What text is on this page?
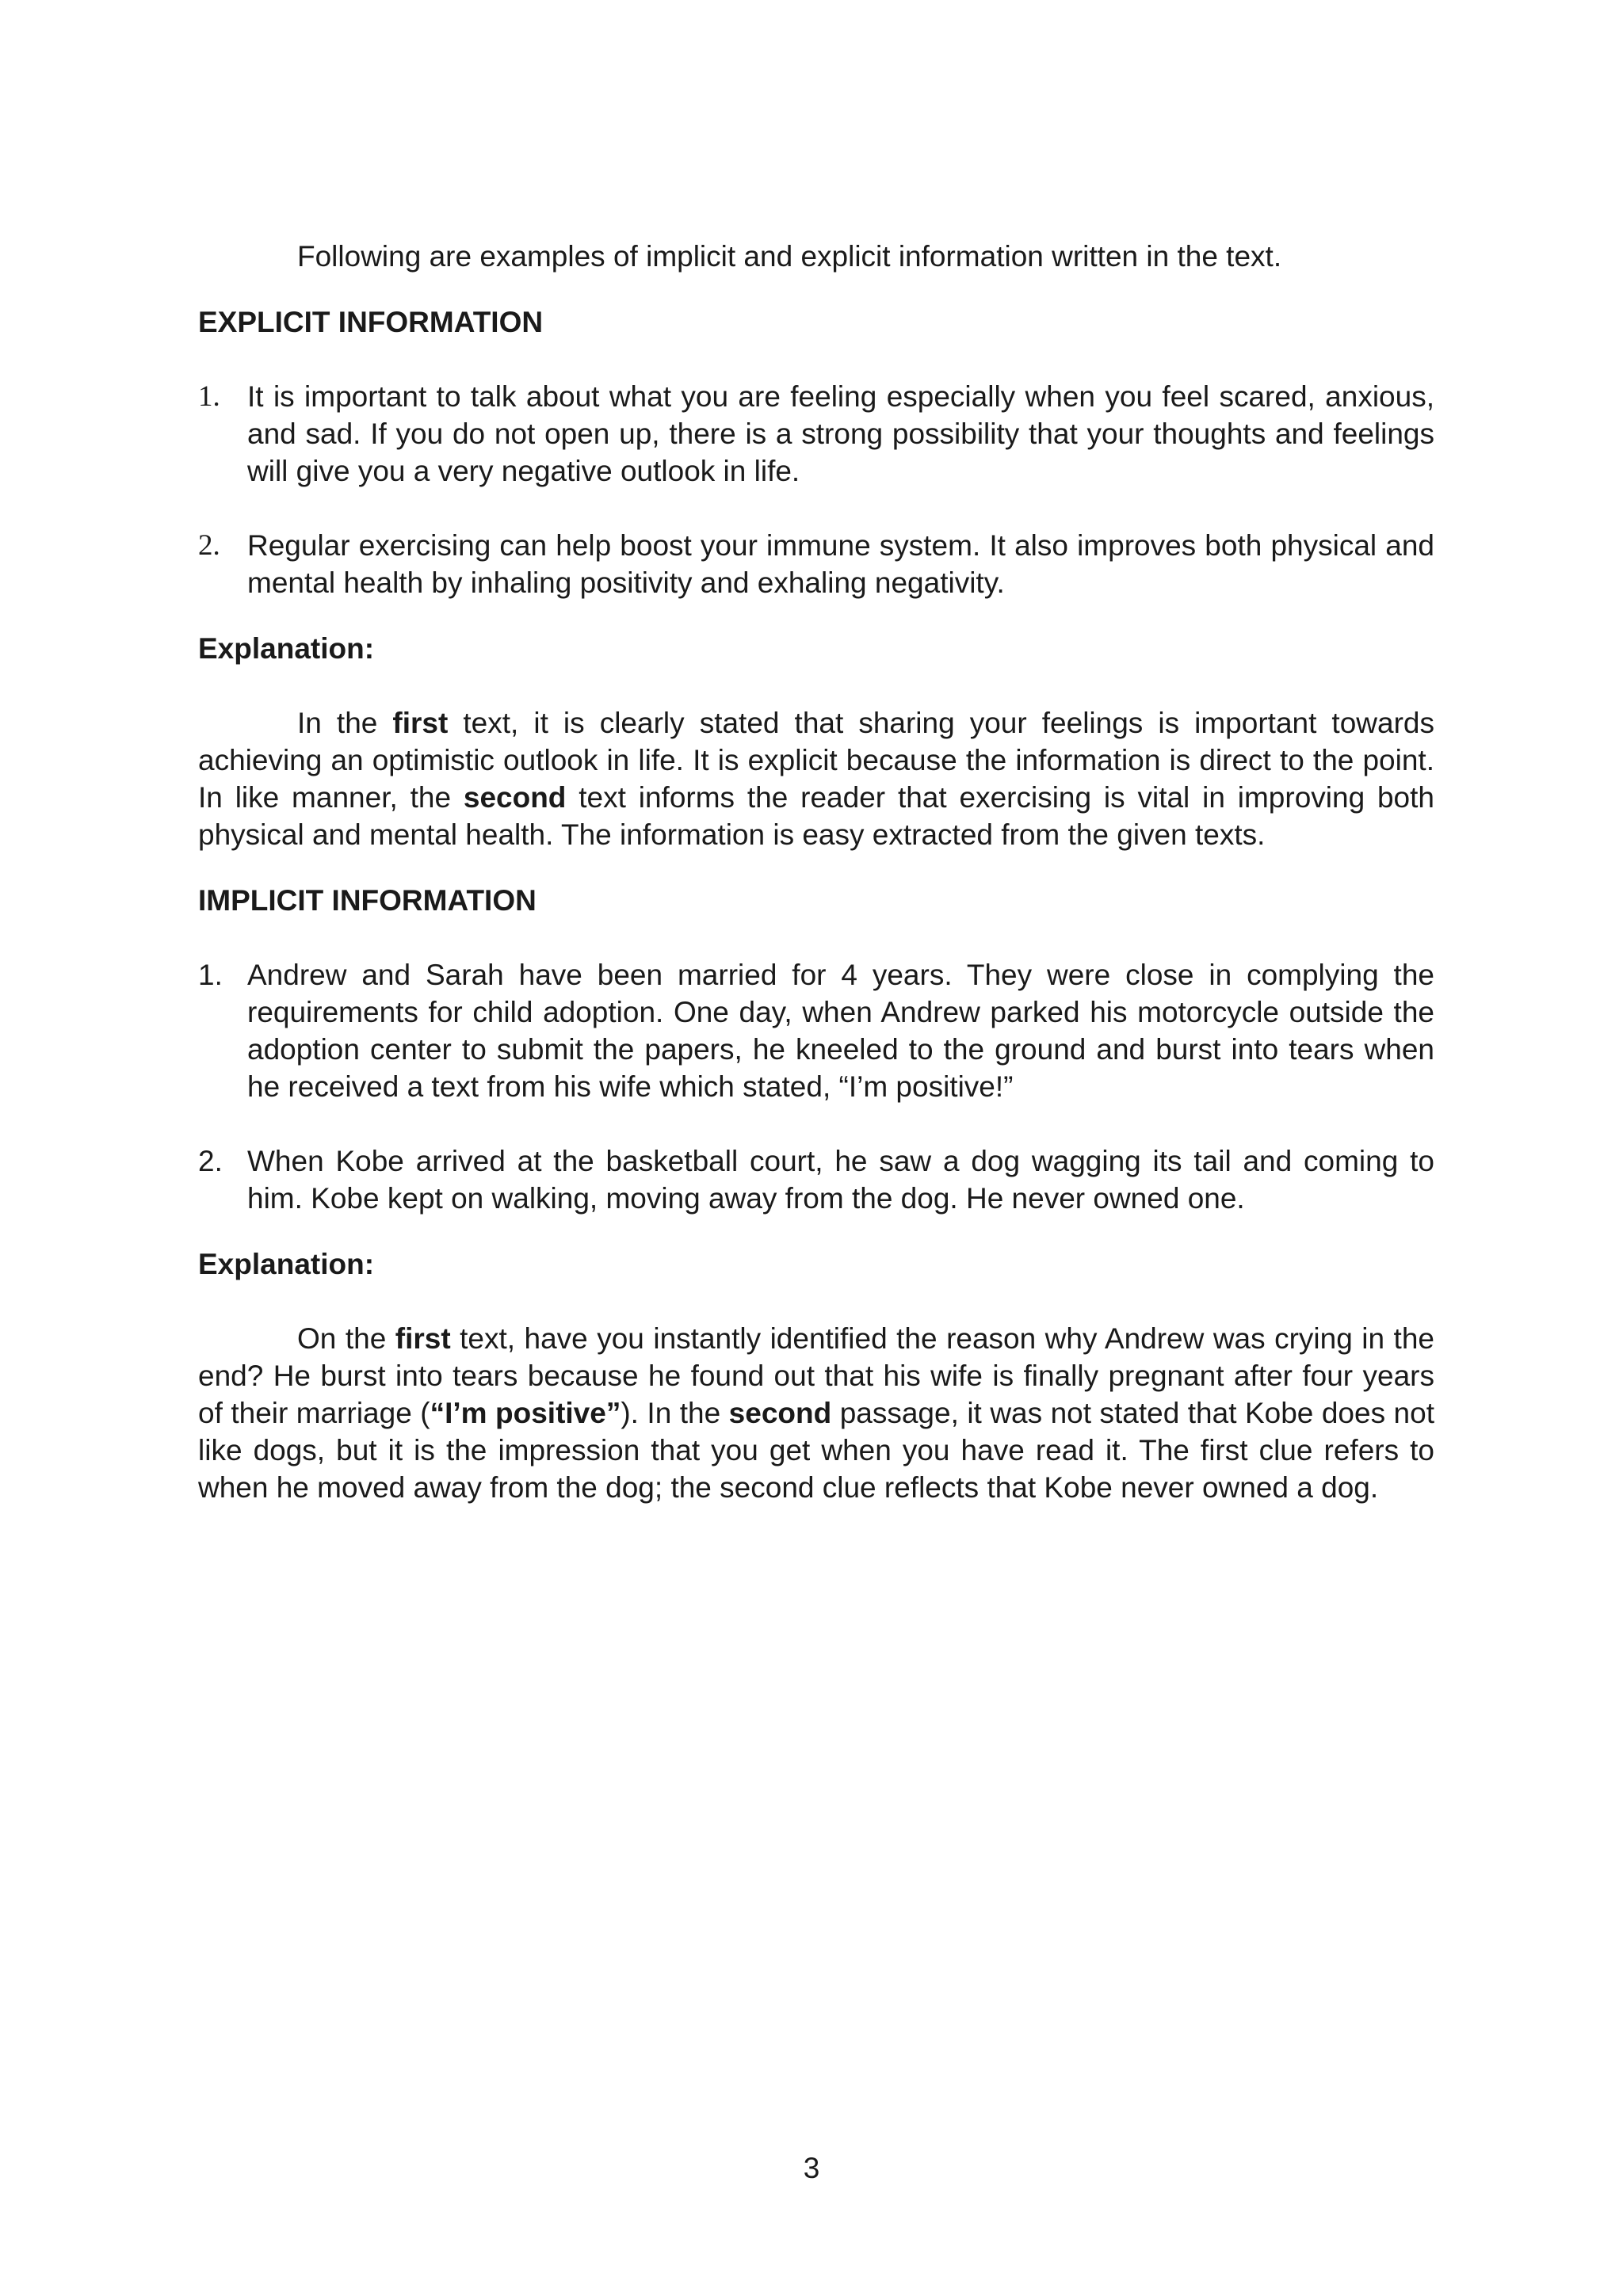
Following are examples of implicit and explicit information written in the text.

EXPLICIT INFORMATION
1. It is important to talk about what you are feeling especially when you feel scared, anxious, and sad. If you do not open up, there is a strong possibility that your thoughts and feelings will give you a very negative outlook in life.
2. Regular exercising can help boost your immune system. It also improves both physical and mental health by inhaling positivity and exhaling negativity.
Explanation:

In the first text, it is clearly stated that sharing your feelings is important towards achieving an optimistic outlook in life. It is explicit because the information is direct to the point. In like manner, the second text informs the reader that exercising is vital in improving both physical and mental health. The information is easy extracted from the given texts.

IMPLICIT INFORMATION
1. Andrew and Sarah have been married for 4 years. They were close in complying the requirements for child adoption. One day, when Andrew parked his motorcycle outside the adoption center to submit the papers, he kneeled to the ground and burst into tears when he received a text from his wife which stated, “I’m positive!”
2. When Kobe arrived at the basketball court, he saw a dog wagging its tail and coming to him. Kobe kept on walking, moving away from the dog. He never owned one.
Explanation:

On the first text, have you instantly identified the reason why Andrew was crying in the end? He burst into tears because he found out that his wife is finally pregnant after four years of their marriage (“I’m positive”). In the second passage, it was not stated that Kobe does not like dogs, but it is the impression that you get when you have read it. The first clue refers to when he moved away from the dog; the second clue reflects that Kobe never owned a dog.

3
